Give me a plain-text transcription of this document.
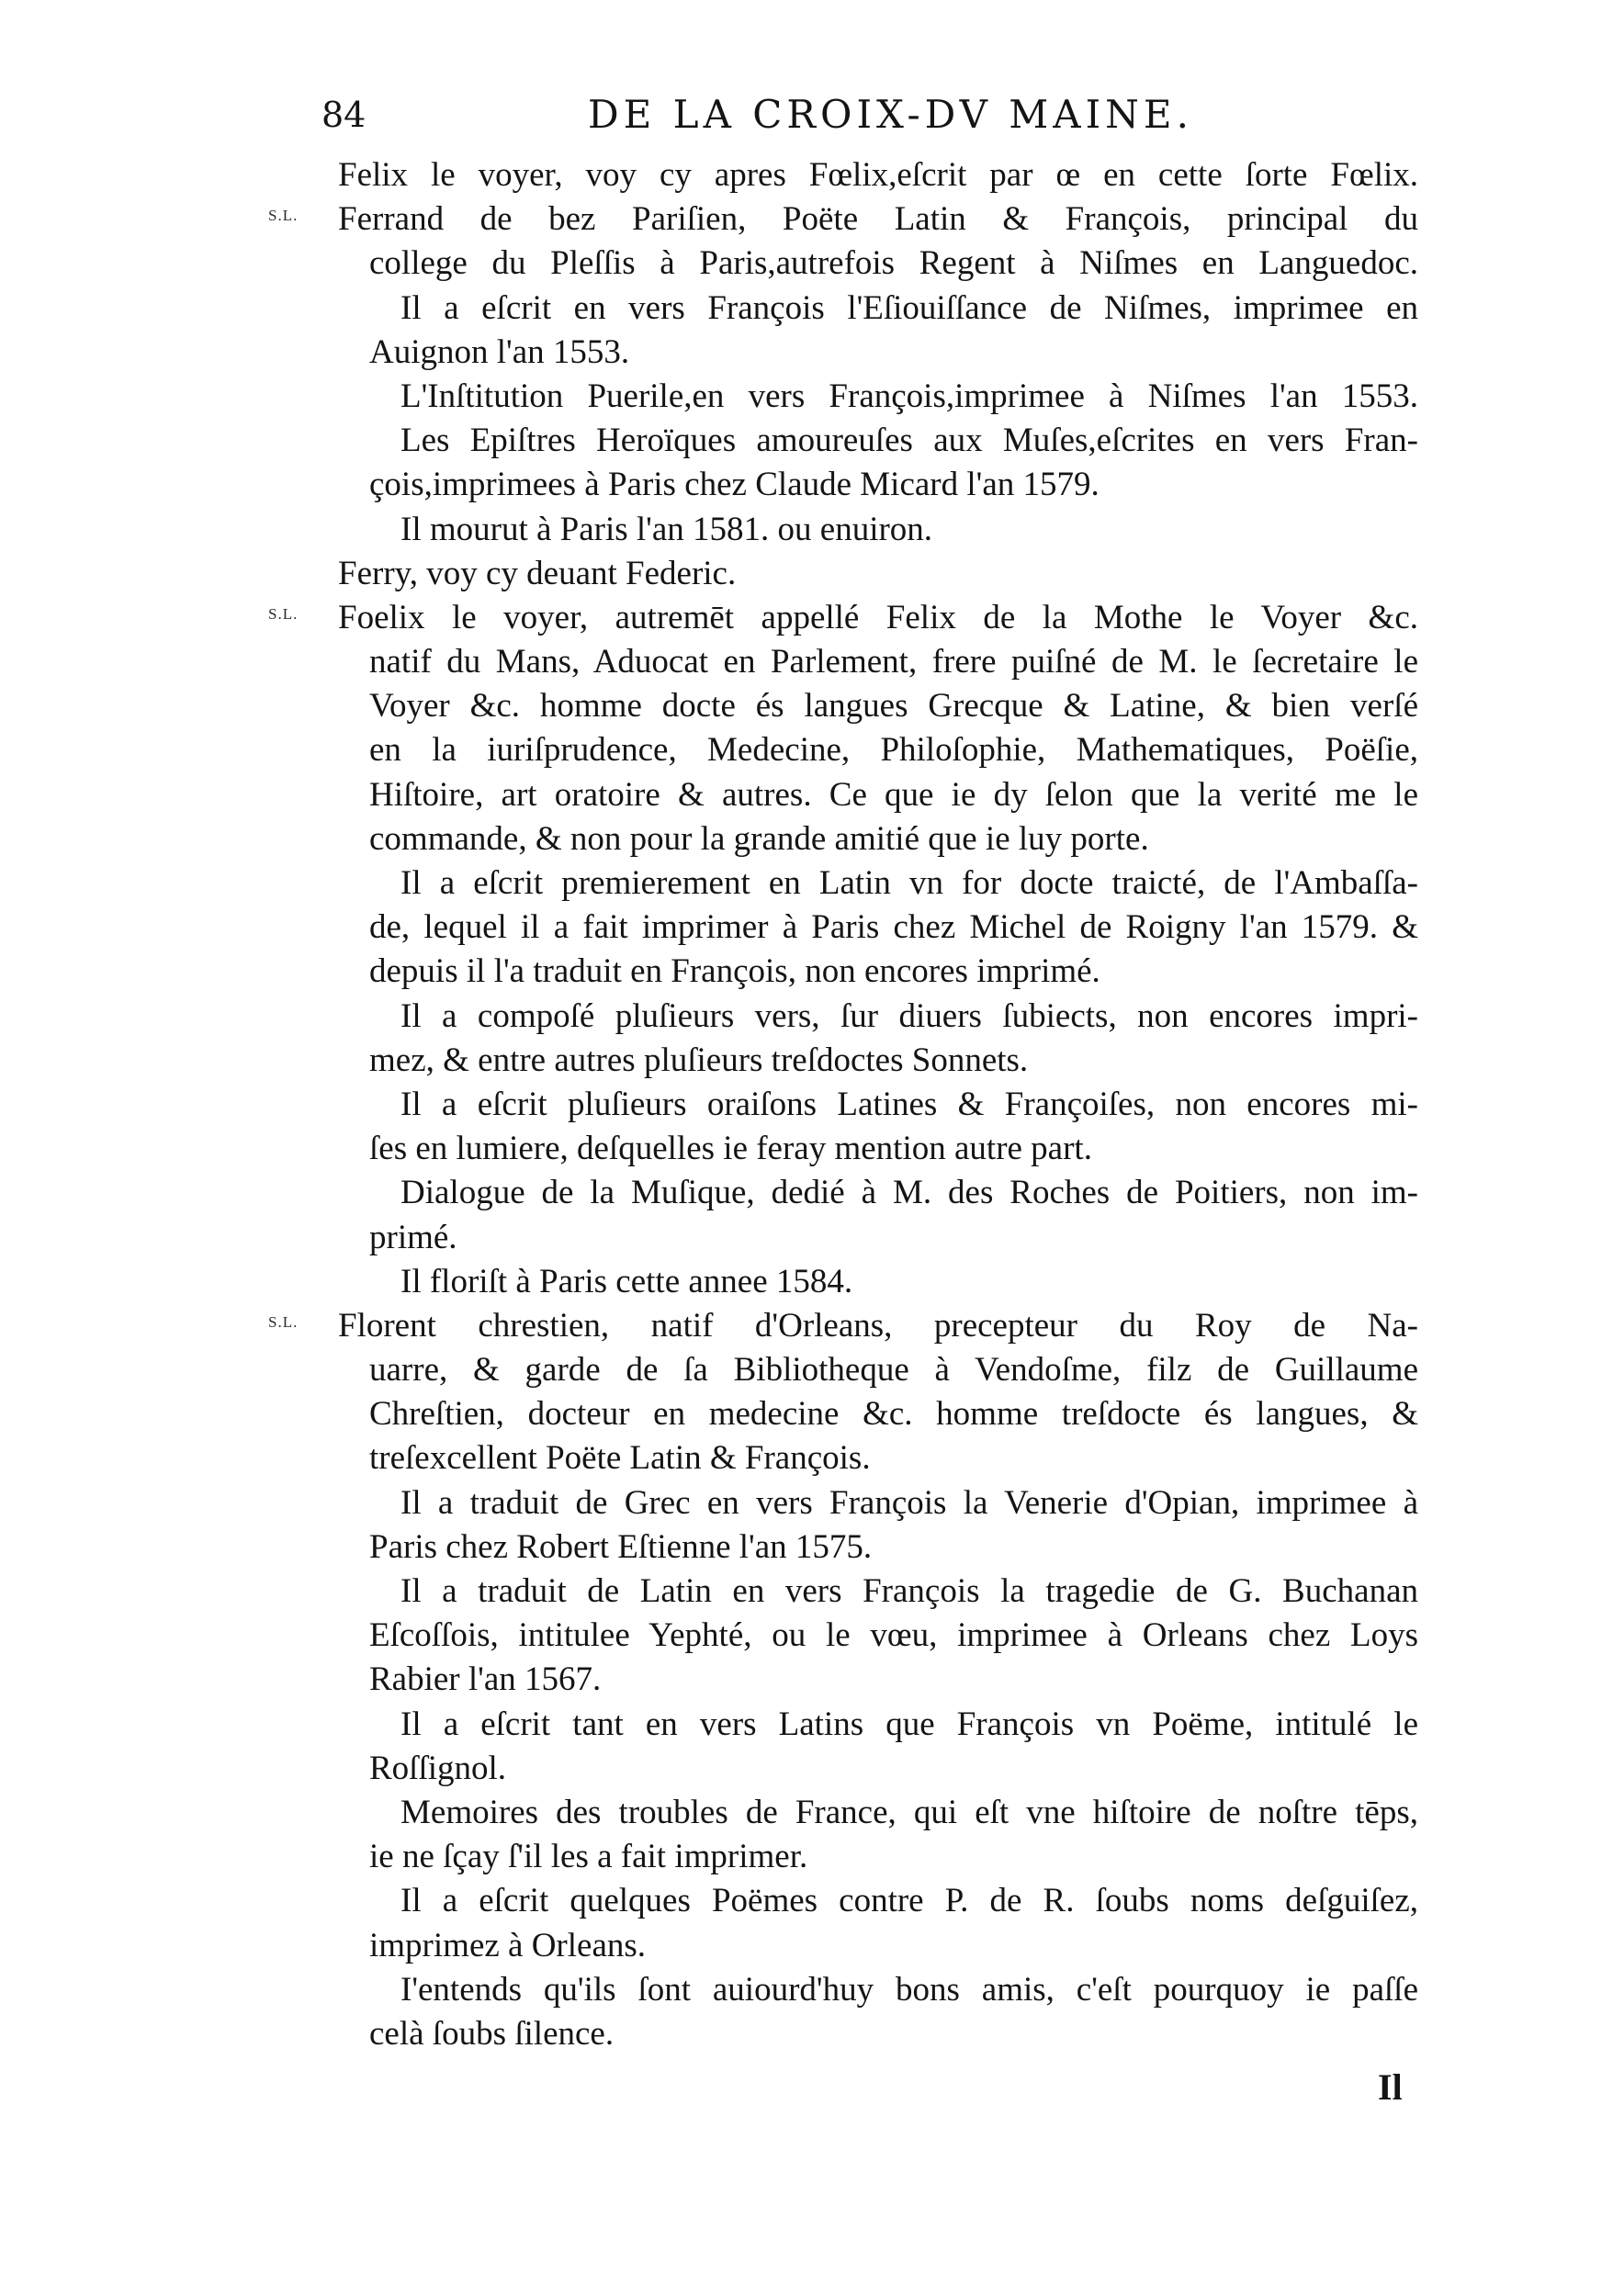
84	DE LA CROIX-DV MAINE.
Felix le voyer, voy cy apres Fœlix,eſcrit par œ en cette ſorte Fœlix.
S.L. Ferrand de bez Pariſien, Poëte Latin & François, principal du
college du Pleſſis à Paris,autrefois Regent à Niſmes en Languedoc.
Il a eſcrit en vers François l'Eſiouiſſance de Niſmes, imprimee en
Auignon l'an 1553.
L'Inſtitution Puerile,en vers François,imprimee à Niſmes l'an 1553.
Les Epiſtres Heroïques amoureuſes aux Muſes,eſcrites en vers Fran-
çois,imprimees à Paris chez Claude Micard l'an 1579.
Il mourut à Paris l'an 1581. ou enuiron.
Ferry, voy cy deuant Federic.
S.L. Foelix le voyer, autremēt appellé Felix de la Mothe le Voyer &c.
natif du Mans, Aduocat en Parlement, frere puiſné de M. le ſecretaire le
Voyer &c. homme docte és langues Grecque & Latine, & bien verſé
en la iuriſprudence, Medecine, Philoſophie, Mathematiques, Poëſie,
Hiſtoire, art oratoire & autres. Ce que ie dy ſelon que la verité me le
commande, & non pour la grande amitié que ie luy porte.
Il a eſcrit premierement en Latin vn for docte traicté, de l'Ambaſſa-
de, lequel il a fait imprimer à Paris chez Michel de Roigny l'an 1579. &
depuis il l'a traduit en François, non encores imprimé.
Il a compoſé pluſieurs vers, ſur diuers ſubiects, non encores impri-
mez, & entre autres pluſieurs treſdoctes Sonnets.
Il a eſcrit pluſieurs oraiſons Latines & Françoiſes, non encores mi-
ſes en lumiere, deſquelles ie feray mention autre part.
Dialogue de la Muſique, dedié à M. des Roches de Poitiers, non im-
primé.
Il floriſt à Paris cette annee 1584.
S.L. Florent chrestien, natif d'Orleans, precepteur du Roy de Na-
uarre, & garde de ſa Bibliotheque à Vendoſme, filz de Guillaume
Chreſtien, docteur en medecine &c. homme treſdocte és langues, &
treſexcellent Poëte Latin & François.
Il a traduit de Grec en vers François la Venerie d'Opian, imprimee à
Paris chez Robert Eſtienne l'an 1575.
Il a traduit de Latin en vers François la tragedie de G. Buchanan
Eſcoſſois, intitulee Yephté, ou le vœu, imprimee à Orleans chez Loys
Rabier l'an 1567.
Il a eſcrit tant en vers Latins que François vn Poëme, intitulé le
Roſſignol.
Memoires des troubles de France, qui eſt vne hiſtoire de noſtre tēps,
ie ne ſçay ſ'il les a fait imprimer.
Il a eſcrit quelques Poëmes contre P. de R. ſoubs noms deſguiſez,
imprimez à Orleans.
I'entends qu'ils ſont auiourd'huy bons amis, c'eſt pourquoy ie paſſe
celà ſoubs ſilence.
Il
